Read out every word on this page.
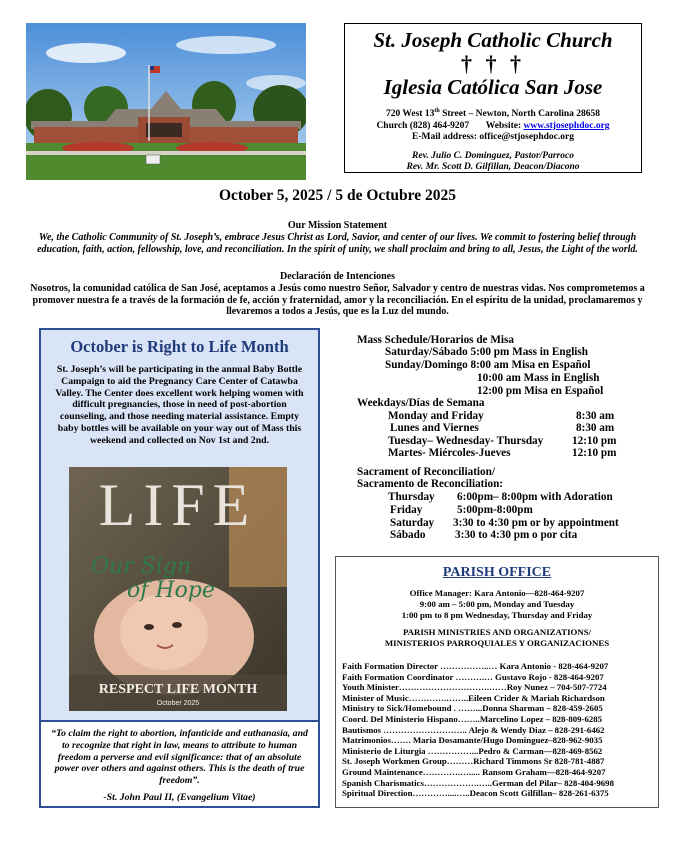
St. Joseph Catholic Church
† † †
Iglesia Católica San Jose
720 West 13th Street – Newton, North Carolina 28658
Church (828) 464-9207 Website: www.stjosephdoc.org
E-Mail address: office@stjosephdoc.org
Rev. Julio C. Dominguez, Pastor/Parroco
Rev. Mr. Scott D. Gilfillan, Deacon/Diacono
October 5, 2025 / 5 de Octubre 2025
Our Mission Statement
We, the Catholic Community of St. Joseph’s, embrace Jesus Christ as Lord, Savior, and center of our lives. We commit to fostering belief through education, faith, action, fellowship, love, and reconciliation. In the spirit of unity, we shall proclaim and bring to all, Jesus, the Light of the world.
Declaración de Intenciones
Nosotros, la comunidad católica de San José, aceptamos a Jesús como nuestro Señor, Salvador y centro de nuestras vidas. Nos comprometemos a promover nuestra fe a través de la formación de fe, acción y fraternidad, amor y la reconciliación. En el espíritu de la unidad, proclamaremos y llevaremos a todos a Jesús, que es la Luz del mundo.
October is Right to Life Month
St. Joseph’s will be participating in the annual Baby Bottle Campaign to aid the Pregnancy Care Center of Catawba Valley. The Center does excellent work helping women with difficult pregnancies, those in need of post-abortion counseling, and those needing material assistance. Empty baby bottles will be available on your way out of Mass this weekend and collected on Nov 1st and 2nd.
LIFE
Our Sign
of Hope
RESPECT LIFE MONTH
October 2025
“To claim the right to abortion, infanticide and euthanasia, and to recognize that right in law, means to attribute to human freedom a perverse and evil significance: that of an absolute power over others and against others. This is the death of true freedom”.
-St. John Paul II, (Evangelium Vitae)
Mass Schedule/Horarios de Misa
Saturday/Sábado 5:00 pm Mass in English
Sunday/Domingo 8:00 am Misa en Español
10:00 am Mass in English
12:00 pm Misa en Español
Weekdays/Días de Semana
Monday and Friday	8:30 am
Lunes and Viernes	8:30 am
Tuesday– Wednesday- Thursday	12:10 pm
Martes- Miércoles-Jueves	12:10 pm
Sacrament of Reconciliation/
Sacramento de Reconciliation:
Thursday 6:00pm– 8:00pm with Adoration
Friday	5:00pm-8:00pm
Saturday 3:30 to 4:30 pm or by appointment
Sábado	3:30 to 4:30 pm o por cita
PARISH OFFICE
Office Manager: Kara Antonio—828-464-9207
9:00 am – 5:00 pm, Monday and Tuesday
1:00 pm to 8 pm Wednesday, Thursday and Friday
PARISH MINISTRIES AND ORGANIZATIONS/
MINISTERIOS PARROQUIALES Y ORGANIZACIONES
Faith Formation Director ……………..… Kara Antonio - 828-464-9207
Faith Formation Coordinator ……….… Gustavo Rojo - 828-464-9207
Youth Minister………………………….……Roy Nunez – 704-507-7724
Minister of Music………….……..Eileen Crider & Mariah Richardson
Ministry to Sick/Homebound . ……...Donna Sharman – 828-459-2605
Coord. Del Ministerio Hispano……..Marcelino Lopez – 828-809-6285
Bautismos ……………………….. Alejo & Wendy Diaz – 828-291-6462
Matrimonios……. Maria Dosamante/Hugo Dominguez–828-962-9035
Ministerio de Liturgia ……………...Pedro & Carman—828-469-8562
St. Joseph Workmen Group………Richard Timmons Sr 828-781-4887
Ground Maintenance………….…..... Ransom Graham—828-464-9207
Spanish Charismatics……………….…..German del Pilar– 828-404-9698
Spiritual Direction…………....…..Deacon Scott Gilfillan– 828-261-6375
